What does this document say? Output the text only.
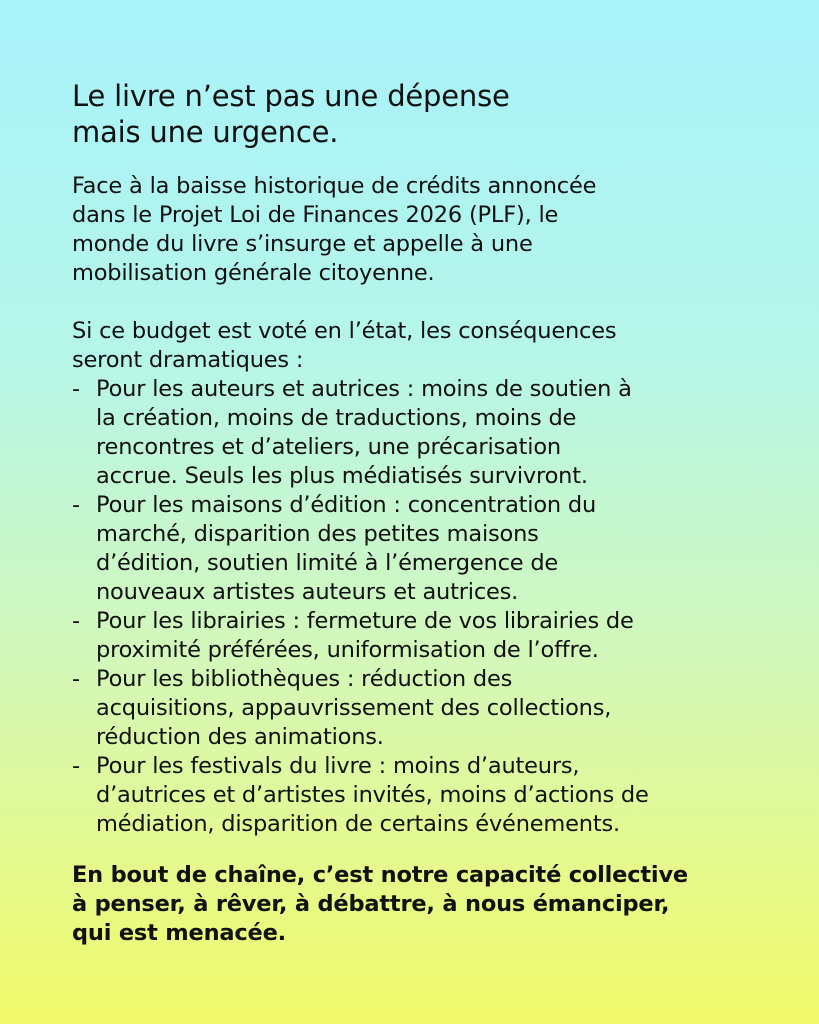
Le livre n’est pas une dépense
mais une urgence.

Face à la baisse historique de crédits annoncée
dans le Projet Loi de Finances 2026 (PLF), le
monde du livre s’insurge et appelle à une
mobilisation générale citoyenne.

Si ce budget est voté en l’état, les conséquences
seront dramatiques :

- Pour les auteurs et autrices : moins de soutien à
la création, moins de traductions, moins de
rencontres et d’ateliers, une précarisation
accrue. Seuls les plus médiatisés survivront.
- Pour les maisons d’édition : concentration du
marché, disparition des petites maisons
d’édition, soutien limité à l’émergence de
nouveaux artistes auteurs et autrices.
- Pour les librairies : fermeture de vos librairies de
proximité préférées, uniformisation de l’offre.
- Pour les bibliothèques : réduction des
acquisitions, appauvrissement des collections,
réduction des animations.
- Pour les festivals du livre : moins d’auteurs,
d’autrices et d’artistes invités, moins d’actions de
médiation, disparition de certains événements.

En bout de chaîne, c’est notre capacité collective
à penser, à rêver, à débattre, à nous émanciper,
qui est menacée.
